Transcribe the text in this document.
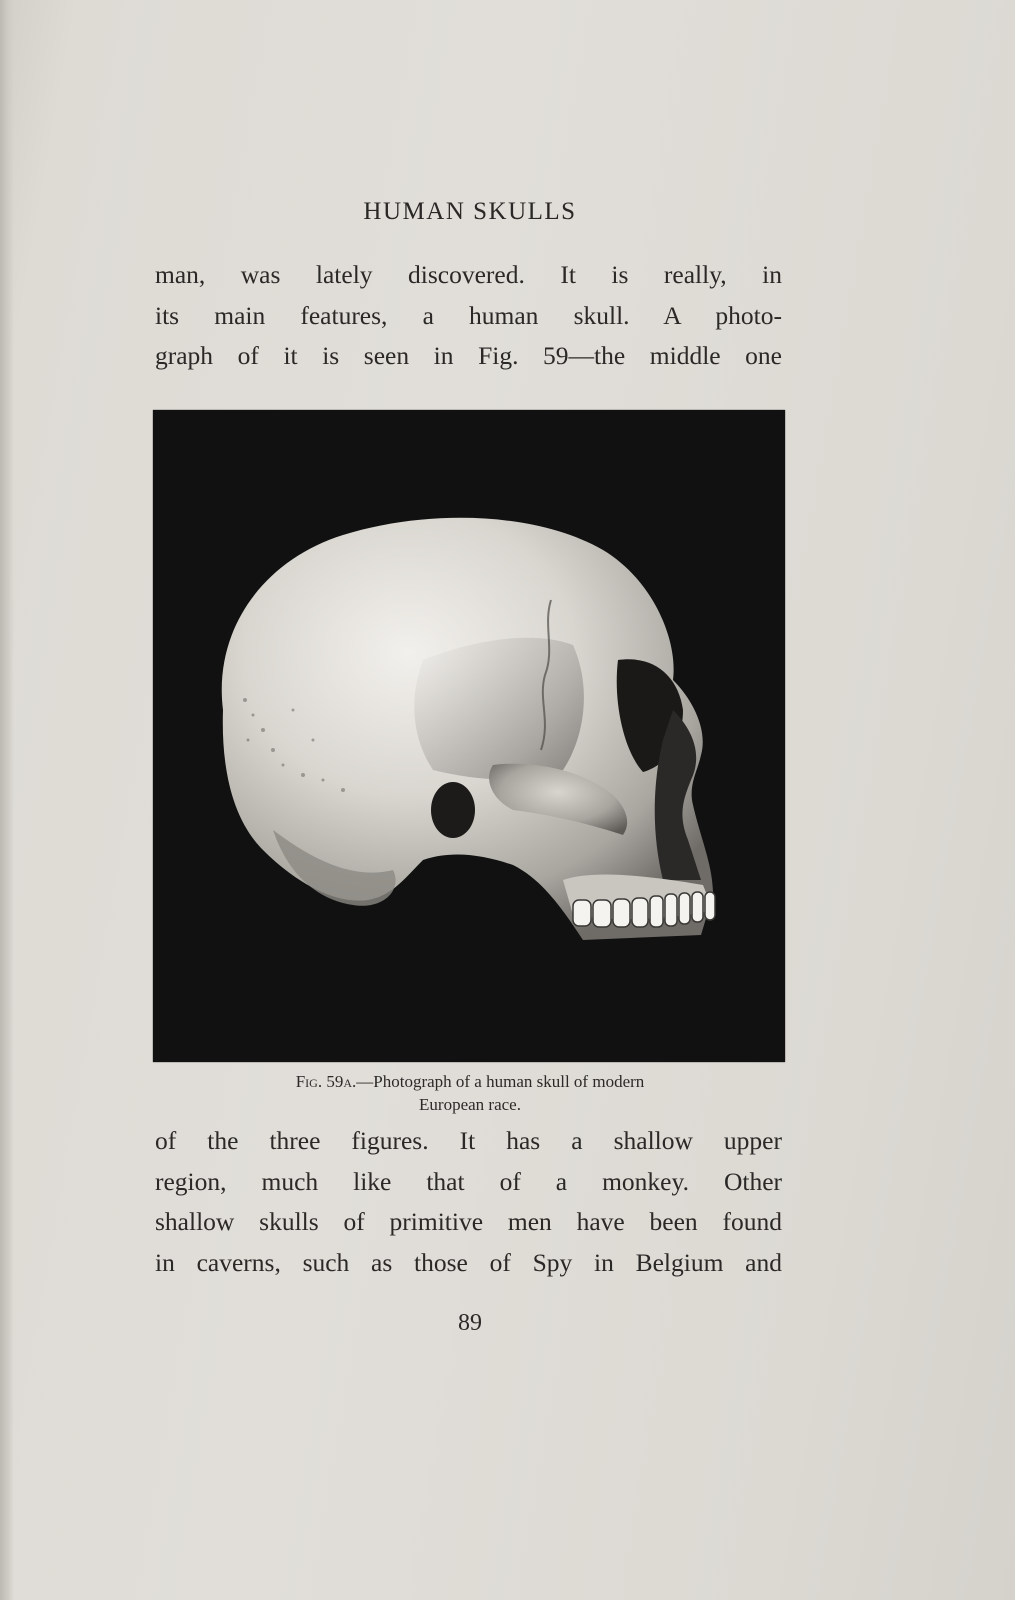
HUMAN SKULLS
man, was lately discovered. It is really, in
its main features, a human skull. A photo-
graph of it is seen in Fig. 59—the middle one
Fig. 59a.—Photograph of a human skull of modern
European race.
of the three figures. It has a shallow upper
region, much like that of a monkey. Other
shallow skulls of primitive men have been found
in caverns, such as those of Spy in Belgium and
89
